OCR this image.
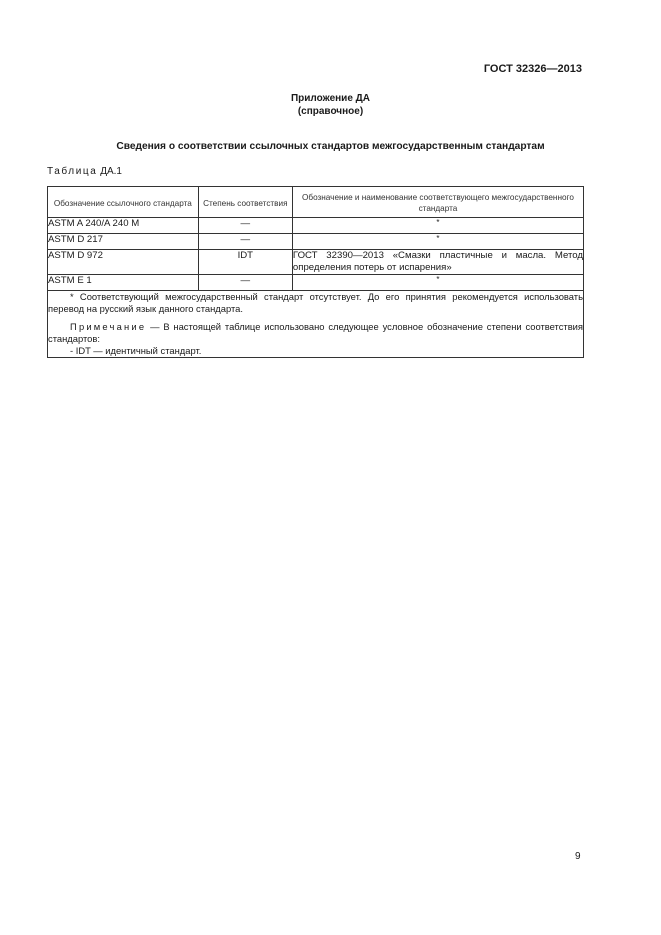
ГОСТ 32326—2013
Приложение ДА
(справочное)
Сведения о соответствии ссылочных стандартов межгосударственным стандартам
Таблица ДА.1
Обозначение ссылочного стандарта	Степень соответствия	Обозначение и наименование соответствующего межгосударственного стандарта
ASTM A 240/A 240 M	—	*
ASTM D 217	—	*
ASTM D 972	IDT	ГОСТ 32390—2013 «Смазки пластичные и масла. Метод определения потерь от испарения»
ASTM E 1	—	*

* Соответствующий межгосударственный стандарт отсутствует. До его принятия рекомендуется использовать перевод на русский язык данного стандарта.

Примечание — В настоящей таблице использовано следующее условное обозначение степени соответствия стандартов:

- IDT — идентичный стандарт.		

9
